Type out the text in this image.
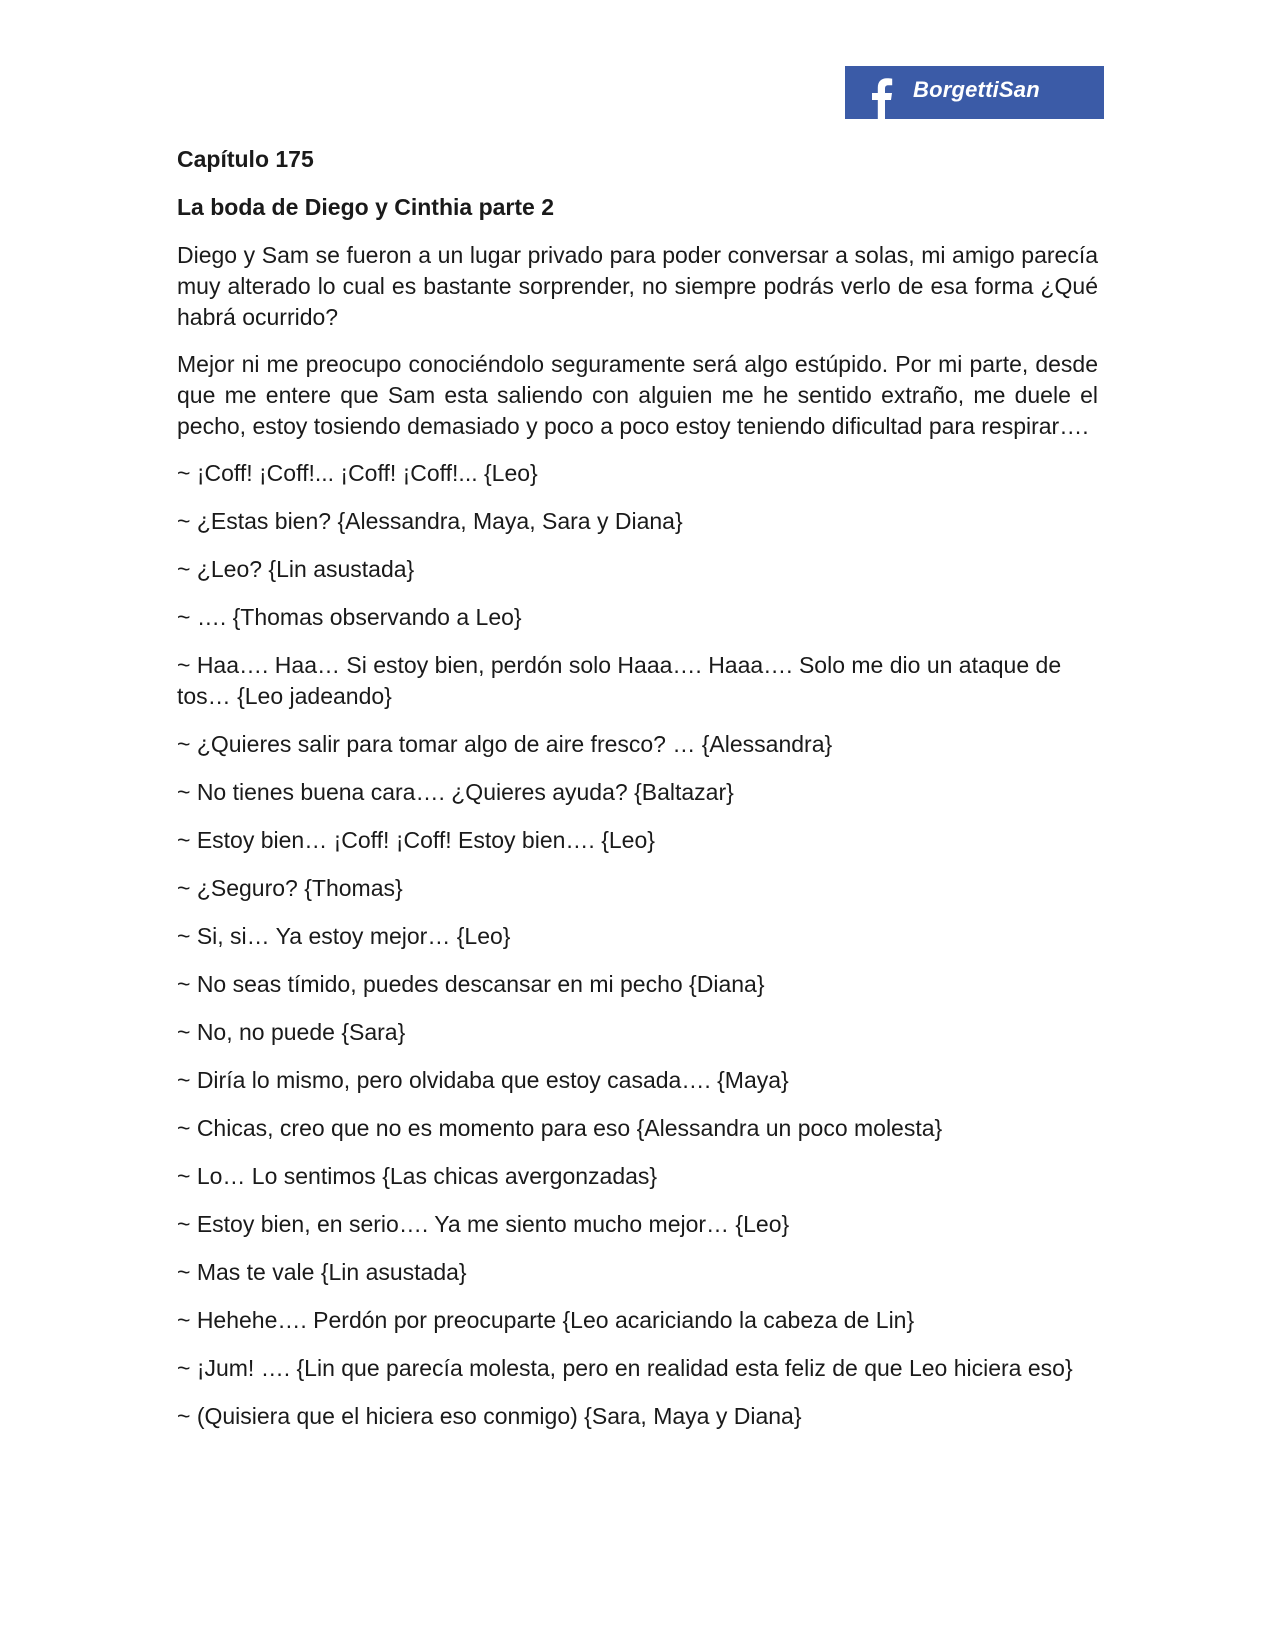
BorgettiSan

Capítulo 175

La boda de Diego y Cinthia parte 2

Diego y Sam se fueron a un lugar privado para poder conversar a solas, mi amigo parecía muy alterado lo cual es bastante sorprender, no siempre podrás verlo de esa forma ¿Qué habrá ocurrido?

Mejor ni me preocupo conociéndolo seguramente será algo estúpido. Por mi parte, desde que me entere que Sam esta saliendo con alguien me he sentido extraño, me duele el pecho, estoy tosiendo demasiado y poco a poco estoy teniendo dificultad para respirar….

~ ¡Coff! ¡Coff!... ¡Coff! ¡Coff!... {Leo}

~ ¿Estas bien? {Alessandra, Maya, Sara y Diana}

~ ¿Leo? {Lin asustada}

~ …. {Thomas observando a Leo}

~ Haa…. Haa… Si estoy bien, perdón solo Haaa…. Haaa…. Solo me dio un ataque de tos… {Leo jadeando}

~ ¿Quieres salir para tomar algo de aire fresco? … {Alessandra}

~ No tienes buena cara…. ¿Quieres ayuda? {Baltazar}

~ Estoy bien… ¡Coff! ¡Coff! Estoy bien…. {Leo}

~ ¿Seguro? {Thomas}

~ Si, si… Ya estoy mejor… {Leo}

~ No seas tímido, puedes descansar en mi pecho {Diana}

~ No, no puede {Sara}

~ Diría lo mismo, pero olvidaba que estoy casada…. {Maya}

~ Chicas, creo que no es momento para eso {Alessandra un poco molesta}

~ Lo… Lo sentimos {Las chicas avergonzadas}

~ Estoy bien, en serio…. Ya me siento mucho mejor… {Leo}

~ Mas te vale {Lin asustada}

~ Hehehe…. Perdón por preocuparte {Leo acariciando la cabeza de Lin}

~ ¡Jum! …. {Lin que parecía molesta, pero en realidad esta feliz de que Leo hiciera eso}

~ (Quisiera que el hiciera eso conmigo) {Sara, Maya y Diana}
